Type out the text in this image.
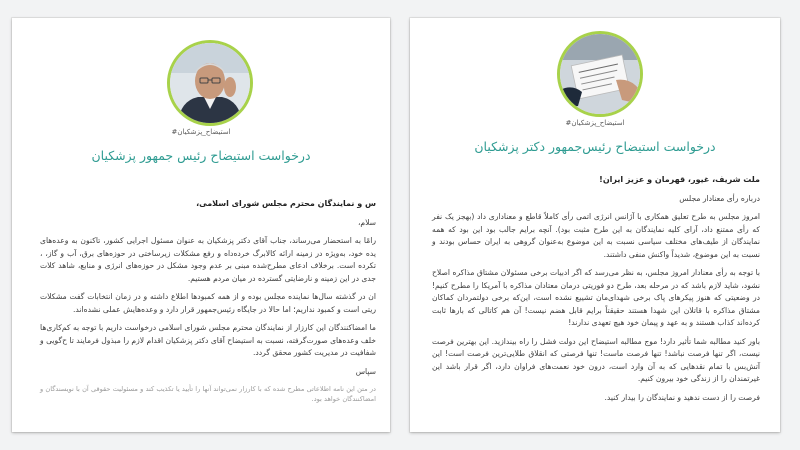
#استیضاح_پزشکیان
درخواست استیضاح رئیس جمهور پزشکیان

س و نمایندگان محترم مجلس شورای اسلامی،

سلام،

رامًا به استحضار می‌رساند، جناب آقای دکتر پزشکیان به عنوان مسئول اجرایی کشور، تاکنون به وعده‌های یده خود، به‌ویژه در زمینه ارائه کالابرگ خرده‌داه و رفع مشکلات زیرساختی در حوزه‌های برق، آب و گاز، ، تکرده است. برخلاف ادعای مطرح‌شده مبنی بر عدم وجود مشکل در حوزه‌های انرژی و منابع، شاهد کلات جدی در این زمینه و نارضایتی گسترده در میان مردم هستیم.

ان در گذشته سال‌ها نماینده مجلس بوده و از همه کمبودها اطلاع داشته و در زمان انتخابات گفت مشکلات ریتی است و کمبود نداریم؛ اما حالا در جایگاه رئیس‌جمهور قرار دارد و وعده‌هایش عملی نشده‌اند.

ما امضاکنندگان این کارزار از نمایندگان محترم مجلس شورای اسلامی درخواست داریم با توجه به کم‌کاری‌ها خلف وعده‌های صورت‌گرفته، نسبت به استیضاح آقای دکتر پزشکیان اقدام لازم را مبذول فرمایند تا ح‌گویی و شفافیت در مدیریت کشور محقق گردد.

سپاس

در متن این نامه اطلاعاتی مطرح شده که با کارزار نمی‌تواند آنها را تأیید یا تکذیب کند و مسئولیت حقوقی آن با نویسندگان و امضاکنندگان خواهد بود.

#استیضاح_پزشکیان
درخواست استیضاح رئیس‌جمهور دکتر پزشکیان

ملت شریف، غیور، قهرمان و عزیز ایران!

درباره رأی معنادار مجلس

امروز مجلس به طرح تعلیق همکاری با آژانس انرژی اتمی رأی کاملاً قاطع و معناداری داد (بهجز یک نفر که رأی ممتنع داد، آرای کلیه نمایندگان به این طرح مثبت بود). آنچه برایم جالب بود این بود که همه نمایندگان از طیف‌های مختلف سیاسی نسبت به این موضوع به‌عنوان گروهی به ایران حساس بودند و نسبت به این موضوع، شدیداً واکنش منفی داشتند.

با توجه به رأی معنادار امروز مجلس، به نظر می‌رسد که اگر ادبیات برخی مسئولان مشتاق مذاکره اصلاح نشود، شاید لازم باشد که در مرحله بعد، طرح دو فوریتی درمان معتادان مذاکره با آمریکا را مطرح کنیم! در وضعیتی که هنوز پیکرهای پاک برخی شهدای‌مان تشییع نشده است، این‌که برخی دولتمردان کماکان مشتاق مذاکره با قاتلان این شهدا هستند حقیقتاً برایم قابل هضم نیست! آن هم کاتالی که بارها ثابت کرده‌اند کذاب هستند و به عهد و پیمان خود هیچ تعهدی ندارند!

باور کنید مطالبه شما تأثیر دارد! موج مطالبه استیضاح این دولت فشل را راه بیندازید. این بهترین فرصت نیست، اگر تنها فرصت نباشد! تنها فرصت ماست! تنها فرصتی که انقلاق طلایی‌ترین فرصت است! این آتش‌بس با تمام نقدهایی که به آن وارد است، درون خود نعمت‌های فراوان دارد، اگر قرار باشد این غیرتمندان را از زندگی خود بیرون کنیم.

فرصت را از دست ندهید و نمایندگان را بیدار کنید.
